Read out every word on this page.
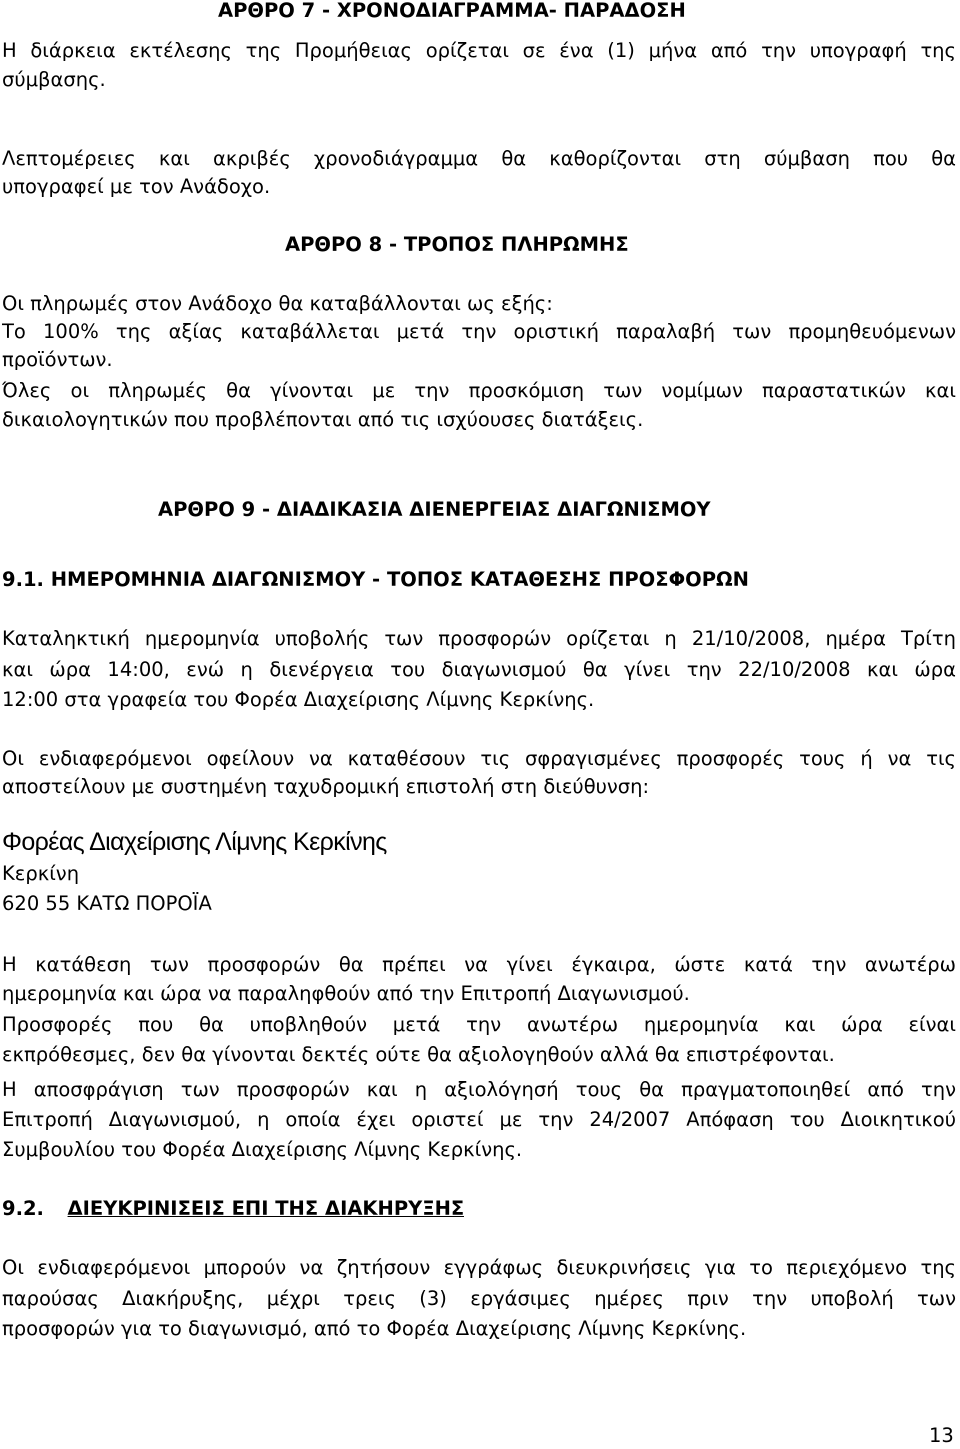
ΑΡΘΡΟ 7 - ΧΡΟΝΟΔΙΑΓΡΑΜΜΑ- ΠΑΡΑΔΟΣΗ
Η διάρκεια εκτέλεσης της Προμήθειας ορίζεται σε ένα (1) μήνα από την υπογραφή της
σύμβασης.
Λεπτομέρειες και ακριβές χρονοδιάγραμμα θα καθορίζονται στη σύμβαση που θα
υπογραφεί με τον Ανάδοχο.
ΑΡΘΡΟ 8 - ΤΡΟΠΟΣ ΠΛΗΡΩΜΗΣ
Οι πληρωμές στον Ανάδοχο θα καταβάλλονται ως εξής:
Το 100% της αξίας καταβάλλεται μετά την οριστική παραλαβή των προμηθευόμενων
προϊόντων.
Όλες οι πληρωμές θα γίνονται με την προσκόμιση των νομίμων παραστατικών και
δικαιολογητικών που προβλέπονται από τις ισχύουσες διατάξεις.
ΑΡΘΡΟ 9 - ΔΙΑΔΙΚΑΣΙΑ ΔΙΕΝΕΡΓΕΙΑΣ ΔΙΑΓΩΝΙΣΜΟΥ
9.1. ΗΜΕΡΟΜΗΝΙΑ ΔΙΑΓΩΝΙΣΜΟΥ - ΤΟΠΟΣ ΚΑΤΑΘΕΣΗΣ ΠΡΟΣΦΟΡΩΝ
Καταληκτική ημερομηνία υποβολής των προσφορών ορίζεται η 21/10/2008, ημέρα Τρίτη
και ώρα 14:00, ενώ η διενέργεια του διαγωνισμού θα γίνει την 22/10/2008 και ώρα
12:00 στα γραφεία του Φορέα Διαχείρισης Λίμνης Κερκίνης.
Οι ενδιαφερόμενοι οφείλουν να καταθέσουν τις σφραγισμένες προσφορές τους ή να τις
αποστείλουν με συστημένη ταχυδρομική επιστολή στη διεύθυνση:
Φορέας Διαχείρισης Λίμνης Κερκίνης
Κερκίνη
620 55 ΚΑΤΩ ΠΟΡΟΪΑ
Η κατάθεση των προσφορών θα πρέπει να γίνει έγκαιρα, ώστε κατά την ανωτέρω
ημερομηνία και ώρα να παραληφθούν από την Επιτροπή Διαγωνισμού.
Προσφορές που θα υποβληθούν μετά την ανωτέρω ημερομηνία και ώρα είναι
εκπρόθεσμες, δεν θα γίνονται δεκτές ούτε θα αξιολογηθούν αλλά θα επιστρέφονται.
Η αποσφράγιση των προσφορών και η αξιολόγησή τους θα πραγματοποιηθεί από την
Επιτροπή Διαγωνισμού, η οποία έχει οριστεί με την 24/2007 Απόφαση του Διοικητικού
Συμβουλίου του Φορέα Διαχείρισης Λίμνης Κερκίνης.
9.2. ΔΙΕΥΚΡΙΝΙΣΕΙΣ ΕΠΙ ΤΗΣ ΔΙΑΚΗΡΥΞΗΣ
Οι ενδιαφερόμενοι μπορούν να ζητήσουν εγγράφως διευκρινήσεις για το περιεχόμενο της
παρούσας Διακήρυξης, μέχρι τρεις (3) εργάσιμες ημέρες πριν την υποβολή των
προσφορών για το διαγωνισμό, από το Φορέα Διαχείρισης Λίμνης Κερκίνης.
13
